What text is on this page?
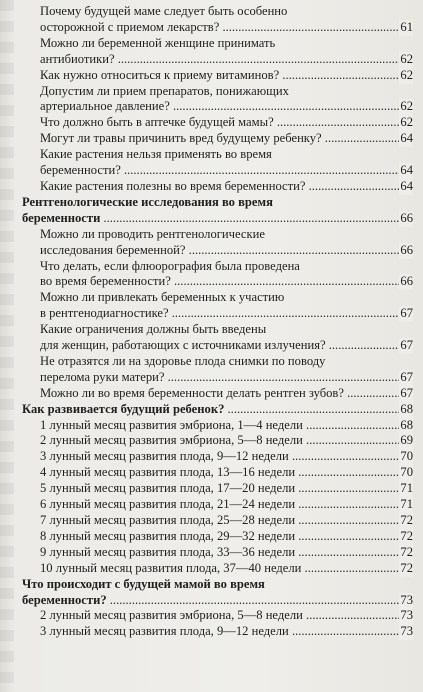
Почему будущей маме следует быть особенно
осторожной с приемом лекарств? .....	61
Можно ли беременной женщине принимать
антибиотики? .....	62
Как нужно относиться к приему витаминов? .....	62
Допустим ли прием препаратов, понижающих
артериальное давление? .....	62
Что должно быть в аптечке будущей мамы? .....	62
Могут ли травы причинить вред будущему ребенку? .....	64
Какие растения нельзя применять во время
беременности? .....	64
Какие растения полезны во время беременности? .....	64
Рентгенологические исследования во время
беременности .....	66
Можно ли проводить рентгенологические
исследования беременной? .....	66
Что делать, если флюорография была проведена
во время беременности? .....	66
Можно ли привлекать беременных к участию
в рентгенодиагностике? .....	67
Какие ограничения должны быть введены
для женщин, работающих с источниками излучения? .....	67
Не отразятся ли на здоровье плода снимки по поводу
перелома руки матери? .....	67
Можно ли во время беременности делать рентген зубов? .....	67
Как развивается будущий ребенок? .....	68
1 лунный месяц развития эмбриона, 1—4 недели .....	68
2 лунный месяц развития эмбриона, 5—8 недели .....	69
3 лунный месяц развития плода, 9—12 недели .....	70
4 лунный месяц развития плода, 13—16 недели .....	70
5 лунный месяц развития плода, 17—20 недели .....	71
6 лунный месяц развития плода, 21—24 недели .....	71
7 лунный месяц развития плода, 25—28 недели .....	72
8 лунный месяц развития плода, 29—32 недели .....	72
9 лунный месяц развития плода, 33—36 недели .....	72
10 лунный месяц развития плода, 37—40 недели .....	72
Что происходит с будущей мамой во время
беременности? .....	73
2 лунный месяц развития эмбриона, 5—8 недели .....	73
3 лунный месяц развития плода, 9—12 недели .....	73
